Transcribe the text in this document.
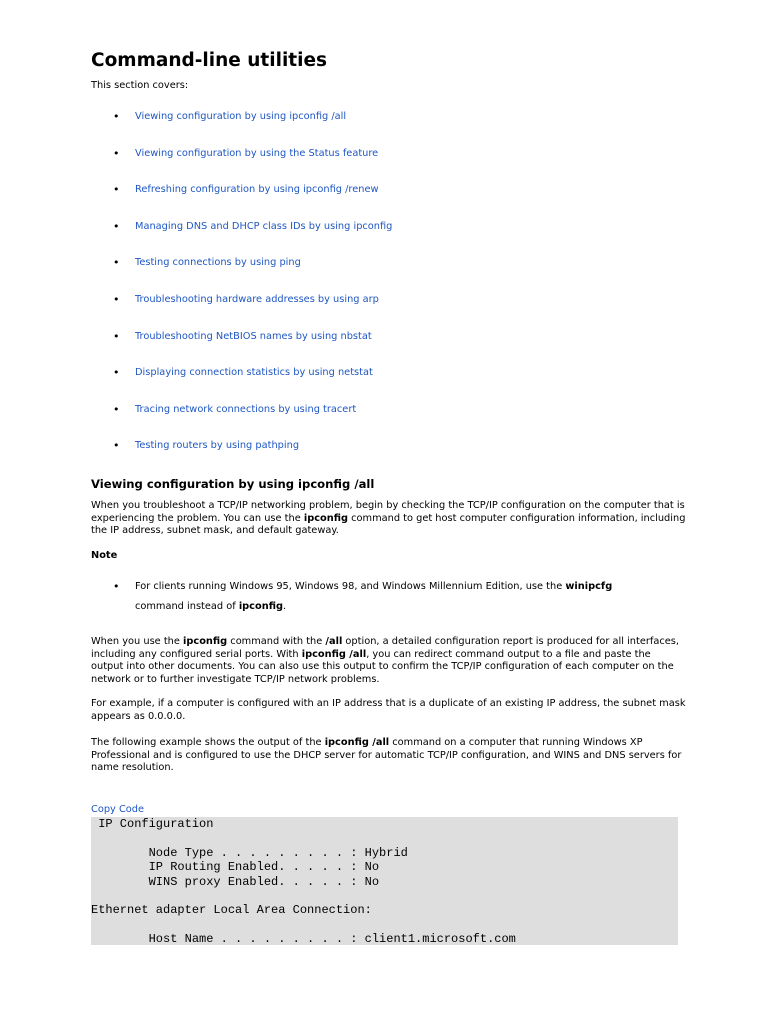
Command-line utilities
This section covers:
• Viewing configuration by using ipconfig /all
• Viewing configuration by using the Status feature
• Refreshing configuration by using ipconfig /renew
• Managing DNS and DHCP class IDs by using ipconfig
• Testing connections by using ping
• Troubleshooting hardware addresses by using arp
• Troubleshooting NetBIOS names by using nbstat
• Displaying connection statistics by using netstat
• Tracing network connections by using tracert
• Testing routers by using pathping
Viewing configuration by using ipconfig /all

When you troubleshoot a TCP/IP networking problem, begin by checking the TCP/IP configuration on the computer that is experiencing the problem. You can use the ipconfig command to get host computer configuration information, including the IP address, subnet mask, and default gateway.

Note
• For clients running Windows 95, Windows 98, and Windows Millennium Edition, use the winipcfg
command instead of ipconfig.

When you use the ipconfig command with the /all option, a detailed configuration report is produced for all interfaces, including any configured serial ports. With ipconfig /all, you can redirect command output to a file and paste the output into other documents. You can also use this output to confirm the TCP/IP configuration of each computer on the network or to further investigate TCP/IP network problems.

For example, if a computer is configured with an IP address that is a duplicate of an existing IP address, the subnet mask appears as 0.0.0.0.

The following example shows the output of the ipconfig /all command on a computer that running Windows XP Professional and is configured to use the DHCP server for automatic TCP/IP configuration, and WINS and DNS servers for name resolution.

Copy Code
IP Configuration

Node Type . . . . . . . . . : Hybrid
IP Routing Enabled. . . . . : No
WINS proxy Enabled. . . . . : No

Ethernet adapter Local Area Connection:

Host Name . . . . . . . . . : client1.microsoft.com
